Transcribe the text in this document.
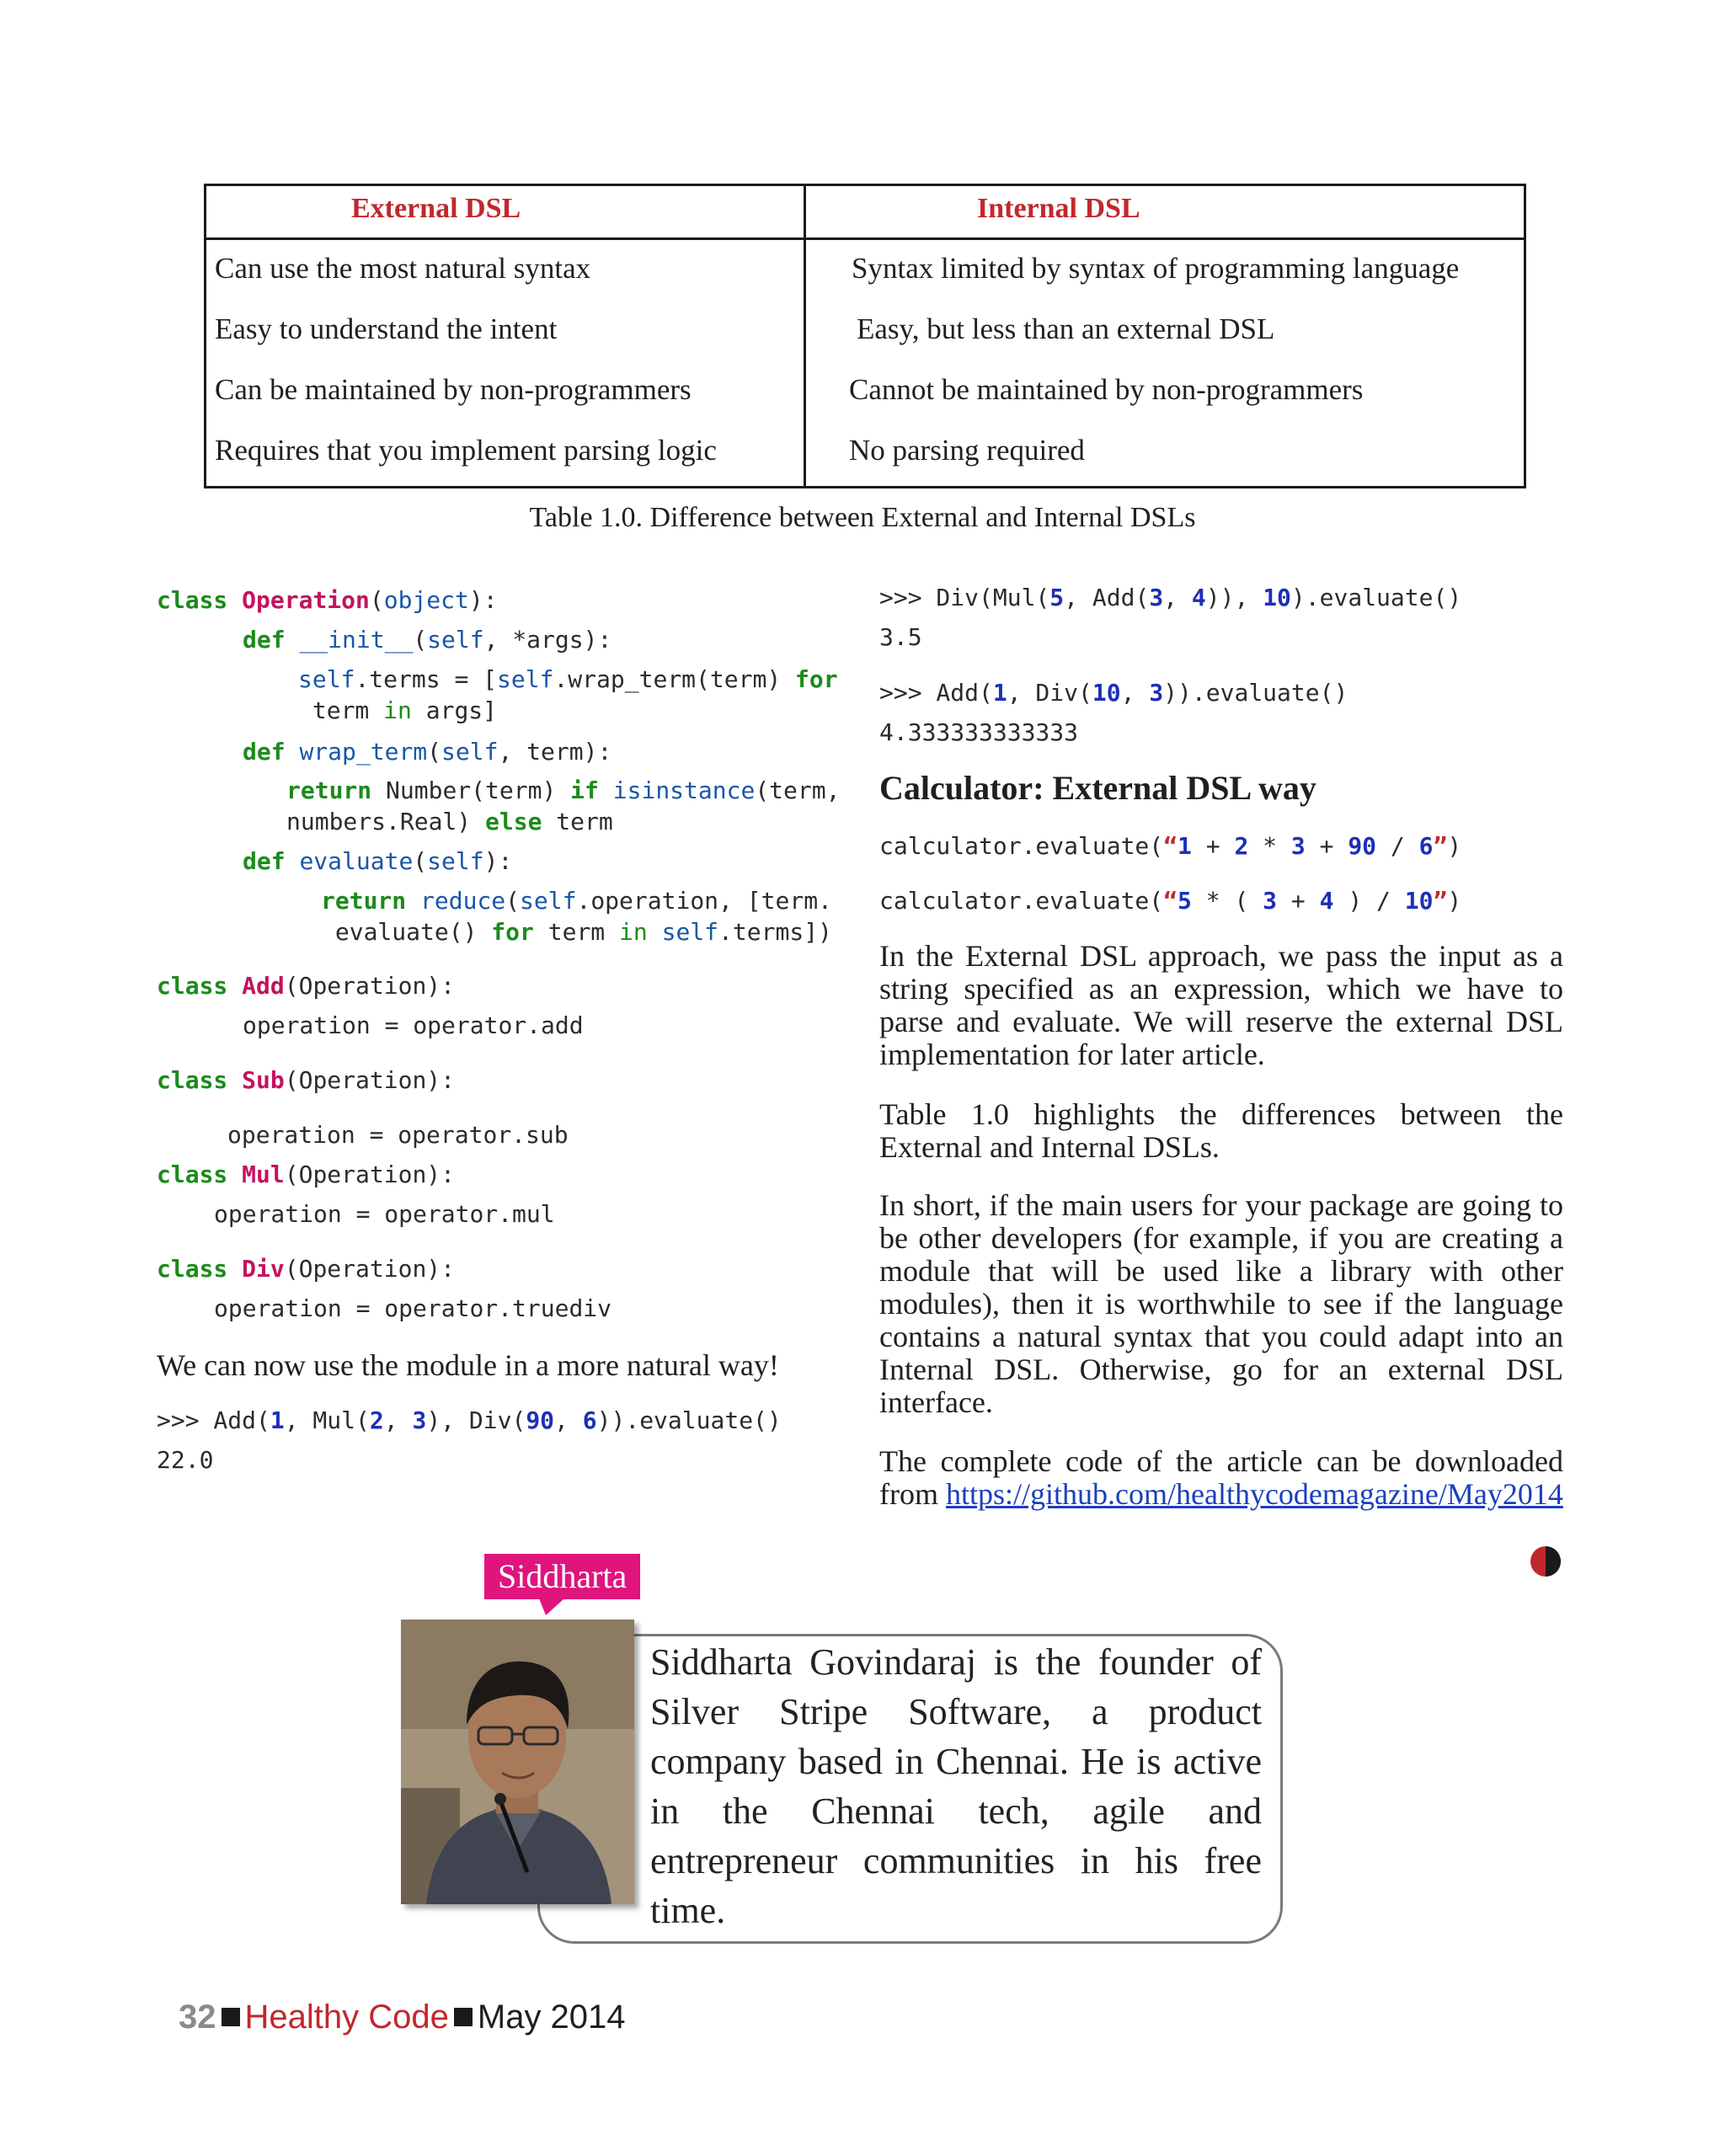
External DSL	Internal DSL
Can use the most natural syntax	Syntax limited by syntax of programming language
Easy to understand the intent	Easy, but less than an external DSL
Can be maintained by non-programmers	Cannot be maintained by non-programmers
Requires that you implement parsing logic	No parsing required
Table 1.0. Difference between External and Internal DSLs
class Operation(object):
def __init__(self, *args):
self.terms = [self.wrap_term(term) for
term in args]
def wrap_term(self, term):
return Number(term) if isinstance(term,
numbers.Real) else term
def evaluate(self):
return reduce(self.operation, [term.
evaluate() for term in self.terms])
class Add(Operation):
operation = operator.add
class Sub(Operation):
operation = operator.sub
class Mul(Operation):
operation = operator.mul
class Div(Operation):
operation = operator.truediv
We can now use the module in a more natural way!
>>> Add(1, Mul(2, 3), Div(90, 6)).evaluate()
22.0
>>> Div(Mul(5, Add(3, 4)), 10).evaluate()
3.5
>>> Add(1, Div(10, 3)).evaluate()
4.333333333333
Calculator: External DSL way
calculator.evaluate(“1 + 2 * 3 + 90 / 6”)
calculator.evaluate(“5 * ( 3 + 4 ) / 10”)
In the External DSL approach, we pass the input as a string specified as an expression, which we have to parse and evaluate. We will reserve the external DSL implementation for later article.
Table 1.0 highlights the differences between the External and Internal DSLs.
In short, if the main users for your package are going to be other developers (for example, if you are creating a module that will be used like a library with other modules), then it is worthwhile to see if the language contains a natural syntax that you could adapt into an Internal DSL. Otherwise, go for an external DSL interface.
The complete code of the article can be downloaded from https://github.com/healthycodemagazine/May2014
Siddharta
Siddharta Govindaraj is the founder of Silver Stripe Software, a product company based in Chennai. He is active in the Chennai tech, agile and entrepreneur communities in his free time.
32 Healthy Code May 2014
